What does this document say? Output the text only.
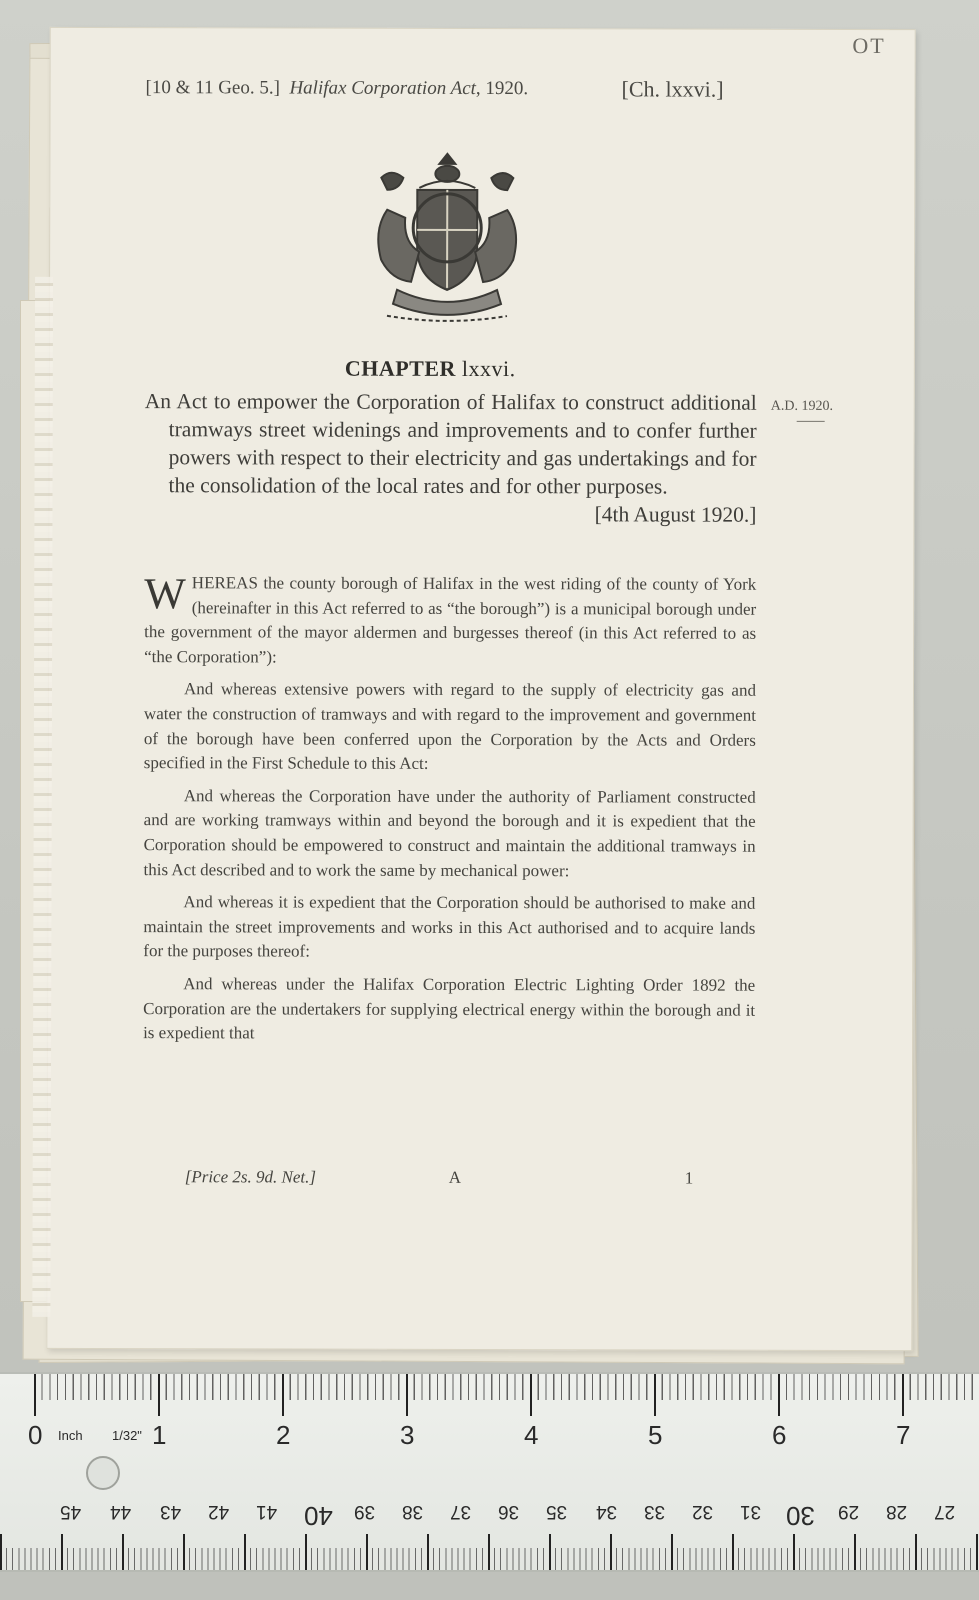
OT
[10 & 11 Geo. 5.] Halifax Corporation Act, 1920.	[Ch. lxxvi.]
CHAPTER lxxvi.

An Act to empower the Corporation of Halifax to construct additional tramways street widenings and improvements and to confer further powers with respect to their electricity and gas undertakings and for the consolidation of the local rates and for other purposes.

[4th August 1920.]

A.D. 1920.

WHEREAS the county borough of Halifax in the west riding of the county of York (hereinafter in this Act referred to as “the borough”) is a municipal borough under the government of the mayor aldermen and burgesses thereof (in this Act referred to as “the Corporation”):

And whereas extensive powers with regard to the supply of electricity gas and water the construction of tramways and with regard to the improvement and government of the borough have been conferred upon the Corporation by the Acts and Orders specified in the First Schedule to this Act:

And whereas the Corporation have under the authority of Parliament constructed and are working tramways within and beyond the borough and it is expedient that the Corporation should be empowered to construct and maintain the additional tramways in this Act described and to work the same by mechanical power:

And whereas it is expedient that the Corporation should be authorised to make and maintain the street improvements and works in this Act authorised and to acquire lands for the purposes thereof:

And whereas under the Halifax Corporation Electric Lighting Order 1892 the Corporation are the undertakers for supplying electrical energy within the borough and it is expedient that

[Price 2s. 9d. Net.]	A	1
Inch 1/32"
0	1	2	3	4	5	6	7
45 44 43 42 41 40 39 38 37 36 35 34 33 32 31 30 29 28 27
